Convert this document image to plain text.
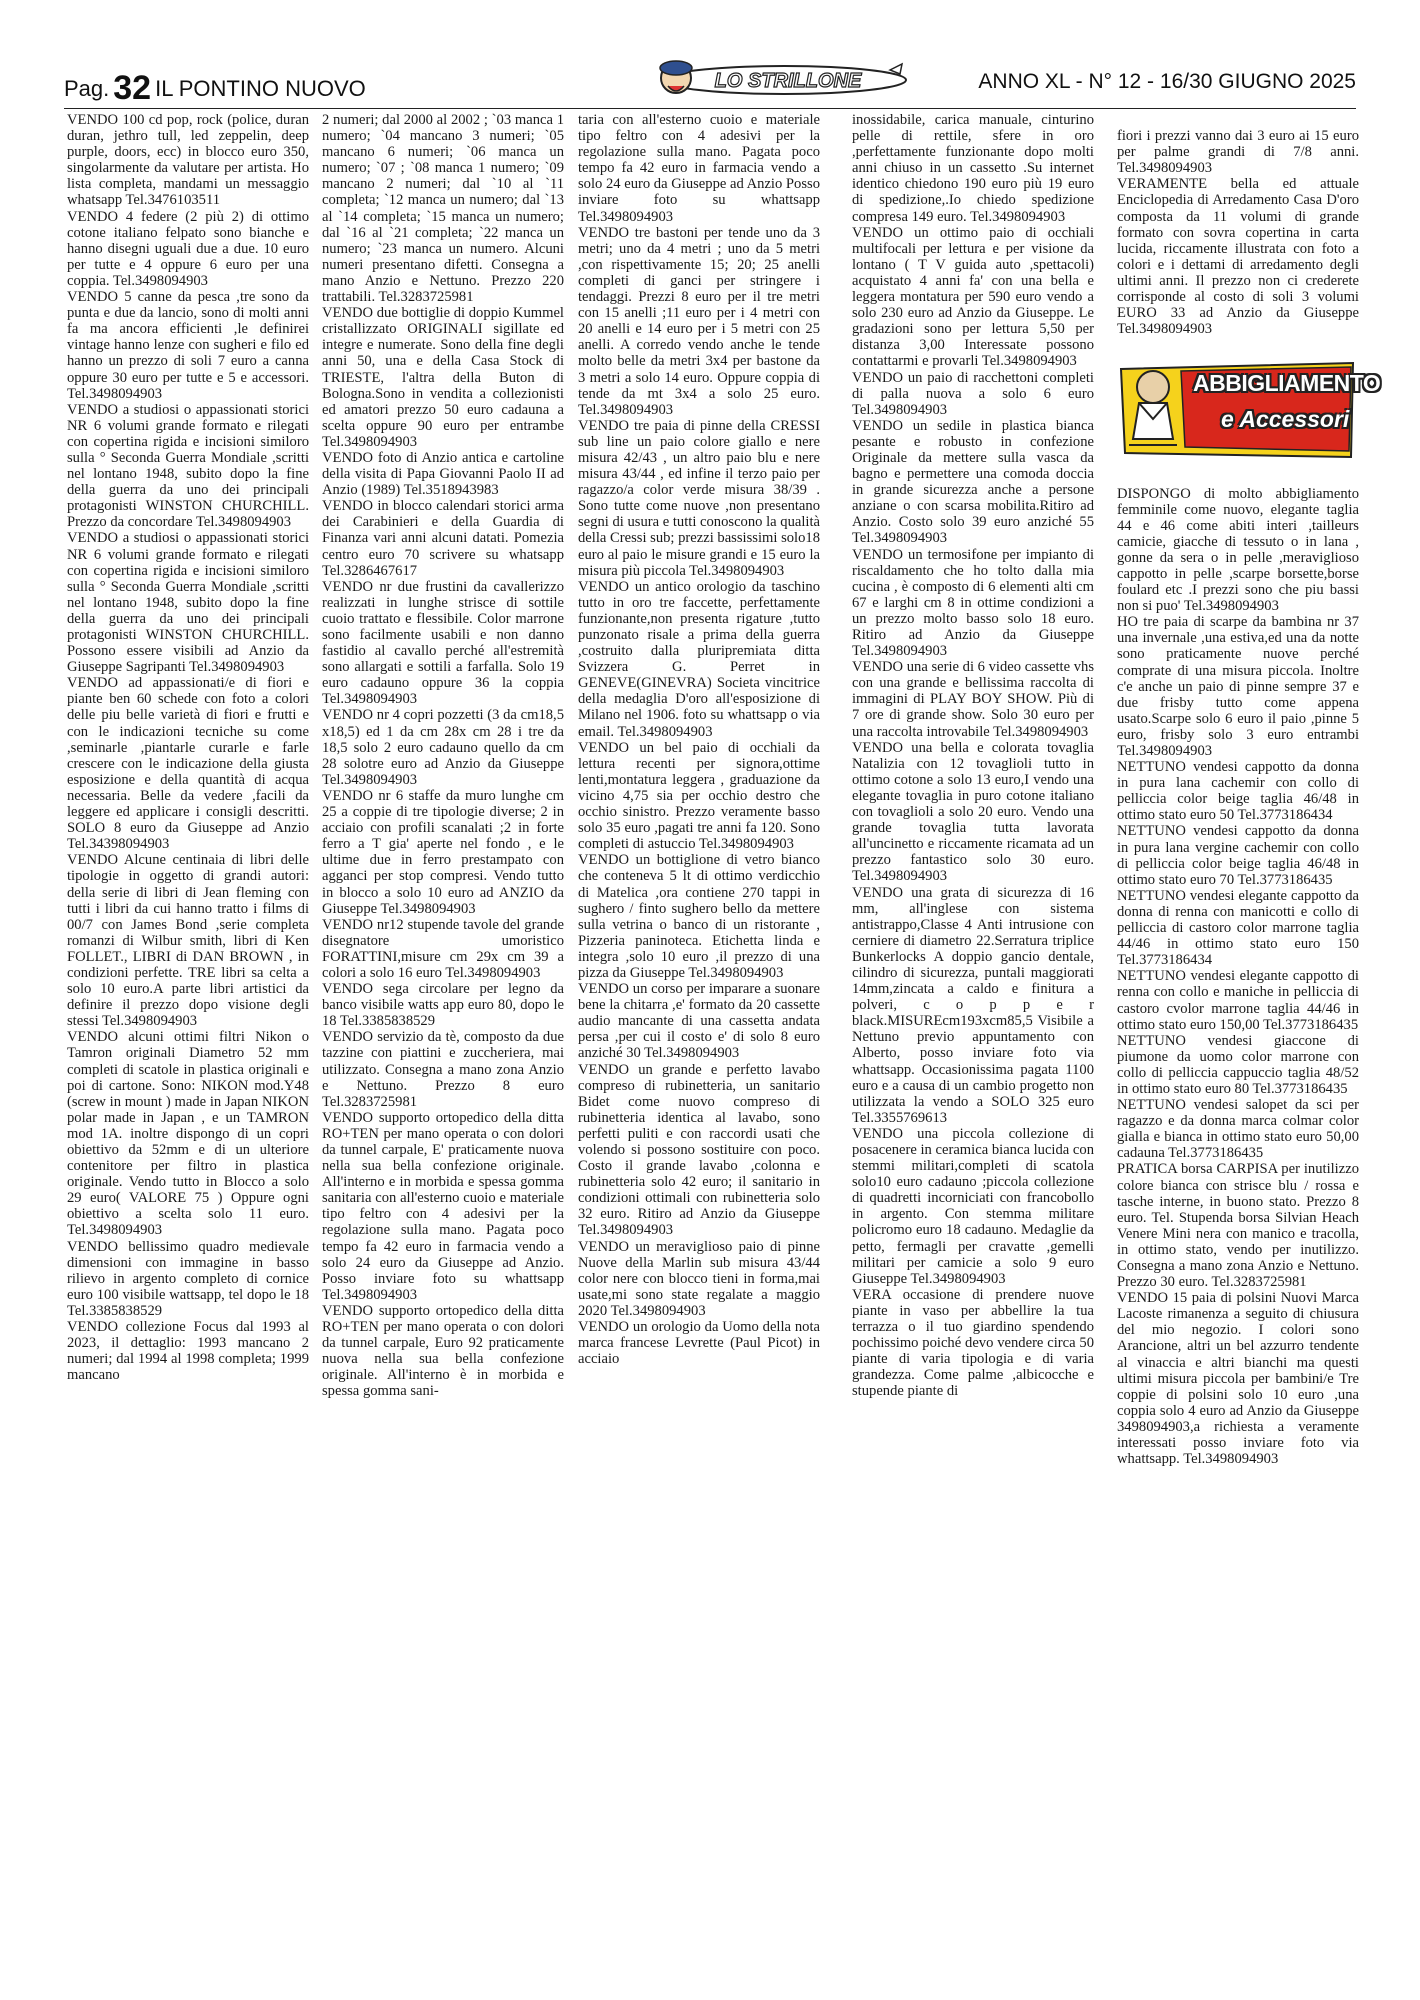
Pag. 32 IL PONTINO NUOVO	LO STRILLONE	ANNO XL - N° 12 - 16/30 GIUGNO 2025
VENDO 100 cd pop, rock (police, duran duran, jethro tull, led zeppelin, deep purple, doors, ecc) in blocco euro 350, singolarmente da valutare per artista. Ho lista completa, mandami un messaggio whatsapp Tel.3476103511
VENDO 4 federe (2 più 2) di ottimo cotone italiano felpato sono bianche e hanno disegni uguali due a due. 10 euro per tutte e 4 oppure 6 euro per una coppia. Tel.3498094903
VENDO 5 canne da pesca ,tre sono da punta e due da lancio, sono di molti anni fa ma ancora efficienti ,le definirei vintage hanno lenze con sugheri e filo ed hanno un prezzo di soli 7 euro a canna oppure 30 euro per tutte e 5 e accessori. Tel.3498094903
VENDO a studiosi o appassionati storici NR 6 volumi grande formato e rilegati con copertina rigida e incisioni similoro sulla ° Seconda Guerra Mondiale ,scritti nel lontano 1948, subito dopo la fine della guerra da uno dei principali protagonisti WINSTON CHURCHILL. Prezzo da concordare Tel.3498094903
VENDO a studiosi o appassionati storici NR 6 volumi grande formato e rilegati con copertina rigida e incisioni similoro sulla ° Seconda Guerra Mondiale ,scritti nel lontano 1948, subito dopo la fine della guerra da uno dei principali protagonisti WINSTON CHURCHILL. Possono essere visibili ad Anzio da Giuseppe Sagripanti Tel.3498094903
VENDO ad appassionati/e di fiori e piante ben 60 schede con foto a colori delle piu belle varietà di fiori e frutti e con le indicazioni tecniche su come ,seminarle ,piantarle curarle e farle crescere con le indicazione della giusta esposizione e della quantità di acqua necessaria. Belle da vedere ,facili da leggere ed applicare i consigli descritti. SOLO 8 euro da Giuseppe ad Anzio Tel.34398094903
VENDO Alcune centinaia di libri delle tipologie in oggetto di grandi autori: della serie di libri di Jean fleming con tutti i libri da cui hanno tratto i films di 00/7 con James Bond ,serie completa romanzi di Wilbur smith, libri di Ken FOLLET., LIBRI di DAN BROWN , in condizioni perfette. TRE libri sa celta a solo 10 euro.A parte libri artistici da definire il prezzo dopo visione degli stessi Tel.3498094903
VENDO alcuni ottimi filtri Nikon o Tamron originali Diametro 52 mm completi di scatole in plastica originali e poi di cartone. Sono: NIKON mod.Y48 (screw in mount ) made in Japan NIKON polar made in Japan , e un TAMRON mod 1A. inoltre dispongo di un copri obiettivo da 52mm e di un ulteriore contenitore per filtro in plastica originale. Vendo tutto in Blocco a solo 29 euro( VALORE 75 ) Oppure ogni obiettivo a scelta solo 11 euro. Tel.3498094903
VENDO bellissimo quadro medievale dimensioni con immagine in basso rilievo in argento completo di cornice euro 100 visibile wattsapp, tel dopo le 18 Tel.3385838529
VENDO collezione Focus dal 1993 al 2023, il dettaglio: 1993 mancano 2 numeri; dal 1994 al 1998 completa; 1999 mancano
2 numeri; dal 2000 al 2002 ; `03 manca 1 numero; `04 mancano 3 numeri; `05 mancano 6 numeri; `06 manca un numero; `07 ; `08 manca 1 numero; `09 mancano 2 numeri; dal `10 al `11 completa; `12 manca un numero; dal `13 al `14 completa; `15 manca un numero; dal `16 al `21 completa; `22 manca un numero; `23 manca un numero. Alcuni numeri presentano difetti. Consegna a mano Anzio e Nettuno. Prezzo 220 trattabili. Tel.3283725981
VENDO due bottiglie di doppio Kummel cristallizzato ORIGINALI sigillate ed integre e numerate. Sono della fine degli anni 50, una e della Casa Stock di TRIESTE, l'altra della Buton di Bologna.Sono in vendita a collezionisti ed amatori prezzo 50 euro cadauna a scelta oppure 90 euro per entrambe Tel.3498094903
VENDO foto di Anzio antica e cartoline della visita di Papa Giovanni Paolo II ad Anzio (1989) Tel.3518943983
VENDO in blocco calendari storici arma dei Carabinieri e della Guardia di Finanza vari anni alcuni datati. Pomezia centro euro 70 scrivere su whatsapp Tel.3286467617
VENDO nr due frustini da cavallerizzo realizzati in lunghe strisce di sottile cuoio trattato e flessibile. Color marrone sono facilmente usabili e non danno fastidio al cavallo perché all'estremità sono allargati e sottili a farfalla. Solo 19 euro cadauno oppure 36 la coppia Tel.3498094903
VENDO nr 4 copri pozzetti (3 da cm18,5 x18,5) ed 1 da cm 28x cm 28 i tre da 18,5 solo 2 euro cadauno quello da cm 28 solotre euro ad Anzio da Giuseppe Tel.3498094903
VENDO nr 6 staffe da muro lunghe cm 25 a coppie di tre tipologie diverse; 2 in acciaio con profili scanalati ;2 in forte ferro a T gia' aperte nel fondo , e le ultime due in ferro prestampato con agganci per stop compresi. Vendo tutto in blocco a solo 10 euro ad ANZIO da Giuseppe Tel.3498094903
VENDO nr12 stupende tavole del grande disegnatore umoristico FORATTINI,misure cm 29x cm 39 a colori a solo 16 euro Tel.3498094903
VENDO sega circolare per legno da banco visibile watts app euro 80, dopo le 18 Tel.3385838529
VENDO servizio da tè, composto da due tazzine con piattini e zuccheriera, mai utilizzato. Consegna a mano zona Anzio e Nettuno. Prezzo 8 euro Tel.3283725981
VENDO supporto ortopedico della ditta RO+TEN per mano operata o con dolori da tunnel carpale, E' praticamente nuova nella sua bella confezione originale. All'interno e in morbida e spessa gomma sanitaria con all'esterno cuoio e materiale tipo feltro con 4 adesivi per la regolazione sulla mano. Pagata poco tempo fa 42 euro in farmacia vendo a solo 24 euro da Giuseppe ad Anzio. Posso inviare foto su whattsapp Tel.3498094903
VENDO supporto ortopedico della ditta RO+TEN per mano operata o con dolori da tunnel carpale, Euro 92 praticamente nuova nella sua bella confezione originale. All'interno è in morbida e spessa gomma sani-
taria con all'esterno cuoio e materiale tipo feltro con 4 adesivi per la regolazione sulla mano. Pagata poco tempo fa 42 euro in farmacia vendo a solo 24 euro da Giuseppe ad Anzio Posso inviare foto su whattsapp Tel.3498094903
VENDO tre bastoni per tende uno da 3 metri; uno da 4 metri ; uno da 5 metri ,con rispettivamente 15; 20; 25 anelli completi di ganci per stringere i tendaggi. Prezzi 8 euro per il tre metri con 15 anelli ;11 euro per i 4 metri con 20 anelli e 14 euro per i 5 metri con 25 anelli. A corredo vendo anche le tende molto belle da metri 3x4 per bastone da 3 metri a solo 14 euro. Oppure coppia di tende da mt 3x4 a solo 25 euro. Tel.3498094903
VENDO tre paia di pinne della CRESSI sub line un paio colore giallo e nere misura 42/43 , un altro paio blu e nere misura 43/44 , ed infine il terzo paio per ragazzo/a color verde misura 38/39 . Sono tutte come nuove ,non presentano segni di usura e tutti conoscono la qualità della Cressi sub; prezzi bassissimi solo18 euro al paio le misure grandi e 15 euro la misura più piccola Tel.3498094903
VENDO un antico orologio da taschino tutto in oro tre faccette, perfettamente funzionante,non presenta rigature ,tutto punzonato risale a prima della guerra ,costruito dalla pluripremiata ditta Svizzera G. Perret in GENEVE(GINEVRA) Societa vincitrice della medaglia D'oro all'esposizione di Milano nel 1906. foto su whattsapp o via email. Tel.3498094903
VENDO un bel paio di occhiali da lettura recenti per signora,ottime lenti,montatura leggera , graduazione da vicino 4,75 sia per occhio destro che occhio sinistro. Prezzo veramente basso solo 35 euro ,pagati tre anni fa 120. Sono completi di astuccio Tel.3498094903
VENDO un bottiglione di vetro bianco che conteneva 5 lt di ottimo verdicchio di Matelica ,ora contiene 270 tappi in sughero / finto sughero bello da mettere sulla vetrina o banco di un ristorante , Pizzeria paninoteca. Etichetta linda e integra ,solo 10 euro ,il prezzo di una pizza da Giuseppe Tel.3498094903
VENDO un corso per imparare a suonare bene la chitarra ,e' formato da 20 cassette audio mancante di una cassetta andata persa ,per cui il costo e' di solo 8 euro anziché 30 Tel.3498094903
VENDO un grande e perfetto lavabo compreso di rubinetteria, un sanitario Bidet come nuovo compreso di rubinetteria identica al lavabo, sono perfetti puliti e con raccordi usati che volendo si possono sostituire con poco. Costo il grande lavabo ,colonna e rubinetteria solo 42 euro; il sanitario in condizioni ottimali con rubinetteria solo 32 euro. Ritiro ad Anzio da Giuseppe Tel.3498094903
VENDO un meraviglioso paio di pinne Nuove della Marlin sub misura 43/44 color nere con blocco tieni in forma,mai usate,mi sono state regalate a maggio 2020 Tel.3498094903
VENDO un orologio da Uomo della nota marca francese Levrette (Paul Picot) in acciaio
inossidabile, carica manuale, cinturino pelle di rettile, sfere in oro ,perfettamente funzionante dopo molti anni chiuso in un cassetto .Su internet identico chiedono 190 euro più 19 euro di spedizione,.Io chiedo spedizione compresa 149 euro. Tel.3498094903
VENDO un ottimo paio di occhiali multifocali per lettura e per visione da lontano ( T V guida auto ,spettacoli) acquistato 4 anni fa' con una bella e leggera montatura per 590 euro vendo a solo 230 euro ad Anzio da Giuseppe. Le gradazioni sono per lettura 5,50 per distanza 3,00 Interessate possono contattarmi e provarli Tel.3498094903
VENDO un paio di racchettoni completi di palla nuova a solo 6 euro Tel.3498094903
VENDO un sedile in plastica bianca pesante e robusto in confezione Originale da mettere sulla vasca da bagno e permettere una comoda doccia in grande sicurezza anche a persone anziane o con scarsa mobilita.Ritiro ad Anzio. Costo solo 39 euro anziché 55 Tel.3498094903
VENDO un termosifone per impianto di riscaldamento che ho tolto dalla mia cucina , è composto di 6 elementi alti cm 67 e larghi cm 8 in ottime condizioni a un prezzo molto basso solo 18 euro. Ritiro ad Anzio da Giuseppe Tel.3498094903
VENDO una serie di 6 video cassette vhs con una grande e bellissima raccolta di immagini di PLAY BOY SHOW. Più di 7 ore di grande show. Solo 30 euro per una raccolta introvabile Tel.3498094903
VENDO una bella e colorata tovaglia Natalizia con 12 tovaglioli tutto in ottimo cotone a solo 13 euro,I vendo una elegante tovaglia in puro cotone italiano con tovaglioli a solo 20 euro. Vendo una grande tovaglia tutta lavorata all'uncinetto e riccamente ricamata ad un prezzo fantastico solo 30 euro. Tel.3498094903
VENDO una grata di sicurezza di 16 mm, all'inglese con sistema antistrappo,Classe 4 Anti intrusione con cerniere di diametro 22.Serratura triplice Bunkerlocks A doppio gancio dentale, cilindro di sicurezza, puntali maggiorati 14mm,zincata a caldo e finitura a polveri, c o p p e r black.MISUREcm193xcm85,5 Visibile a Nettuno previo appuntamento con Alberto, posso inviare foto via whattsapp. Occasionissima pagata 1100 euro e a causa di un cambio progetto non utilizzata la vendo a SOLO 325 euro Tel.3355769613
VENDO una piccola collezione di posacenere in ceramica bianca lucida con stemmi militari,completi di scatola solo10 euro cadauno ;piccola collezione di quadretti incorniciati con francobollo in argento. Con stemma militare policromo euro 18 cadauno. Medaglie da petto, fermagli per cravatte ,gemelli militari per camicie a solo 9 euro Giuseppe Tel.3498094903
VERA occasione di prendere nuove piante in vaso per abbellire la tua terrazza o il tuo giardino spendendo pochissimo poiché devo vendere circa 50 piante di varia tipologia e di varia grandezza. Come palme ,albicocche e stupende piante di

fiori i prezzi vanno dai 3 euro ai 15 euro per palme grandi di 7/8 anni. Tel.3498094903
VERAMENTE bella ed attuale Enciclopedia di Arredamento Casa D'oro composta da 11 volumi di grande formato con sovra copertina in carta lucida, riccamente illustrata con foto a colori e i dettami di arredamento degli ultimi anni. Il prezzo non ci crederete corrisponde al costo di soli 3 volumi EURO 33 ad Anzio da Giuseppe Tel.3498094903

ABBIGLIAMENTO

e Accessori

DISPONGO di molto abbigliamento femminile come nuovo, elegante taglia 44 e 46 come abiti interi ,tailleurs camicie, giacche di tessuto o in lana , gonne da sera o in pelle ,meraviglioso cappotto in pelle ,scarpe borsette,borse foulard etc .I prezzi sono che piu bassi non si puo' Tel.3498094903
HO tre paia di scarpe da bambina nr 37 una invernale ,una estiva,ed una da notte sono praticamente nuove perché comprate di una misura piccola. Inoltre c'e anche un paio di pinne sempre 37 e due frisby tutto come appena usato.Scarpe solo 6 euro il paio ,pinne 5 euro, frisby solo 3 euro entrambi Tel.3498094903
NETTUNO vendesi cappotto da donna in pura lana cachemir con collo di pelliccia color beige taglia 46/48 in ottimo stato euro 50 Tel.3773186434
NETTUNO vendesi cappotto da donna in pura lana vergine cachemir con collo di pelliccia color beige taglia 46/48 in ottimo stato euro 70 Tel.3773186435
NETTUNO vendesi elegante cappotto da donna di renna con manicotti e collo di pelliccia di castoro color marrone taglia 44/46 in ottimo stato euro 150 Tel.3773186434
NETTUNO vendesi elegante cappotto di renna con collo e maniche in pelliccia di castoro cvolor marrone taglia 44/46 in ottimo stato euro 150,00 Tel.3773186435
NETTUNO vendesi giaccone di piumone da uomo color marrone con collo di pelliccia cappuccio taglia 48/52 in ottimo stato euro 80 Tel.3773186435
NETTUNO vendesi salopet da sci per ragazzo e da donna marca colmar color gialla e bianca in ottimo stato euro 50,00 cadauna Tel.3773186435
PRATICA borsa CARPISA per inutilizzo colore bianca con strisce blu / rossa e tasche interne, in buono stato. Prezzo 8 euro. Tel. Stupenda borsa Silvian Heach Venere Mini nera con manico e tracolla, in ottimo stato, vendo per inutilizzo. Consegna a mano zona Anzio e Nettuno. Prezzo 30 euro. Tel.3283725981
VENDO 15 paia di polsini Nuovi Marca Lacoste rimanenza a seguito di chiusura del mio negozio. I colori sono Arancione, altri un bel azzurro tendente al vinaccia e altri bianchi ma questi ultimi misura piccola per bambini/e Tre coppie di polsini solo 10 euro ,una coppia solo 4 euro ad Anzio da Giuseppe 3498094903,a richiesta a veramente interessati posso inviare foto via whattsapp. Tel.3498094903
